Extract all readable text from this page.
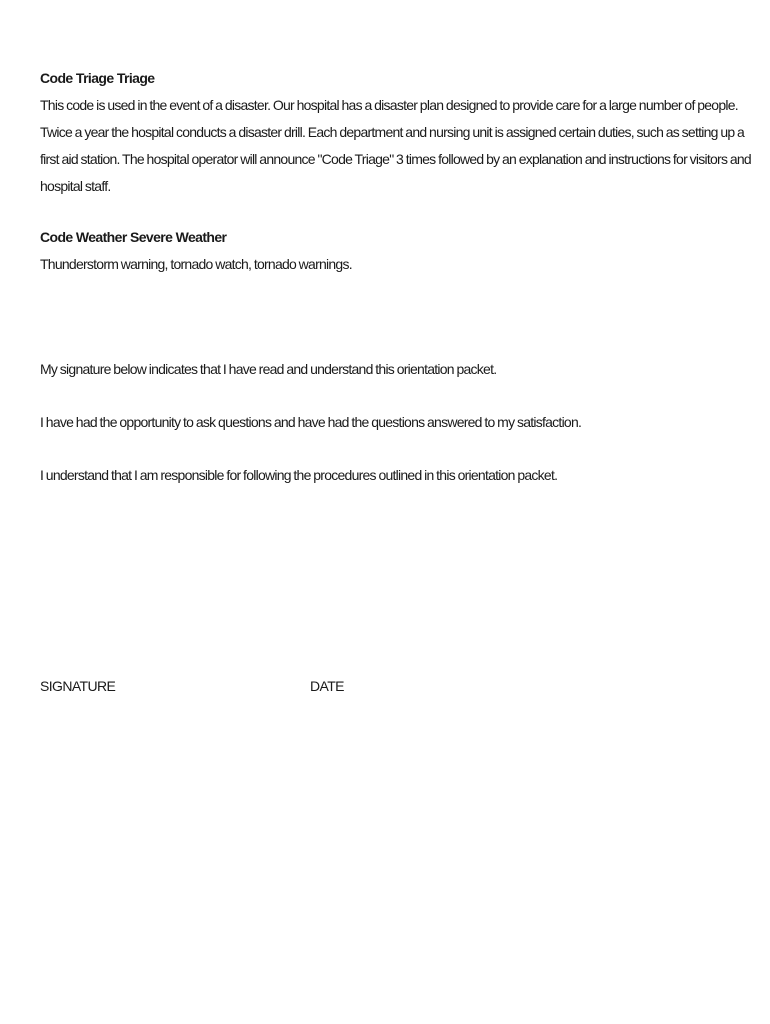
Code Triage Triage
This code is used in the event of a disaster. Our hospital has a disaster plan designed to provide care for a large number of people.
Twice a year the hospital conducts a disaster drill. Each department and nursing unit is assigned certain duties, such as setting up a
first aid station. The hospital operator will announce "Code Triage" 3 times followed by an explanation and instructions for visitors and
hospital staff.
Code Weather Severe Weather
Thunderstorm warning, tornado watch, tornado warnings.
My signature below indicates that I have read and understand this orientation packet.
I have had the opportunity to ask questions and have had the questions answered to my satisfaction.
I understand that I am responsible for following the procedures outlined in this orientation packet.
SIGNATURE	DATE
